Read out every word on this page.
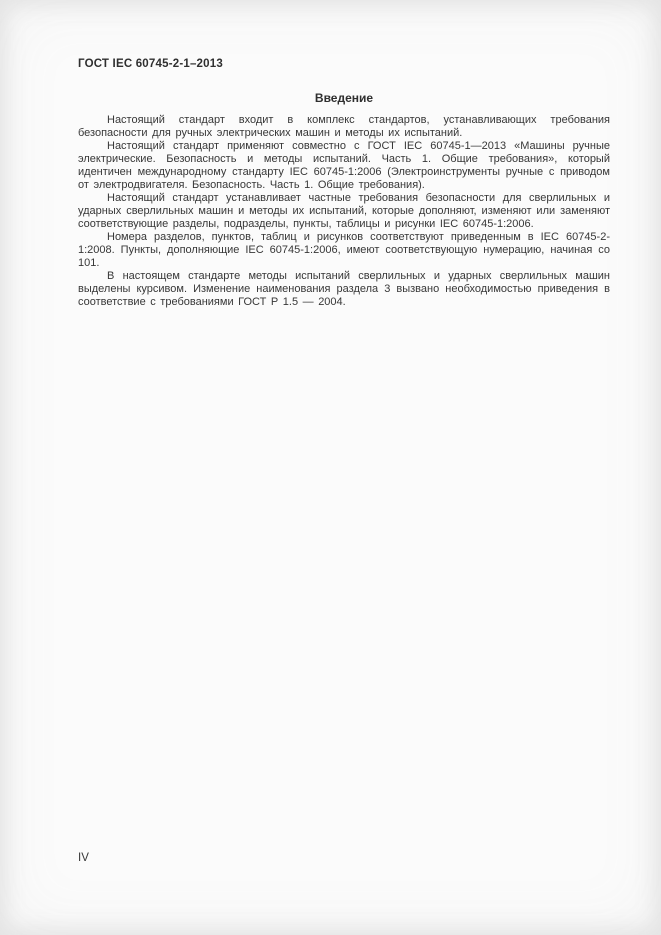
ГОСТ IEC 60745-2-1–2013
Введение

Настоящий стандарт входит в комплекс стандартов, устанавливающих требования безопасности для ручных электрических машин и методы их испытаний.

Настоящий стандарт применяют совместно с ГОСТ IEC 60745-1—2013 «Машины ручные электрические. Безопасность и методы испытаний. Часть 1. Общие требования», который идентичен международному стандарту IEC 60745-1:2006 (Электроинструменты ручные с приводом от электродвигателя. Безопасность. Часть 1. Общие требования).

Настоящий стандарт устанавливает частные требования безопасности для сверлильных и ударных сверлильных машин и методы их испытаний, которые дополняют, изменяют или заменяют соответствующие разделы, подразделы, пункты, таблицы и рисунки IEC 60745-1:2006.

Номера разделов, пунктов, таблиц и рисунков соответствуют приведенным в IEC 60745-2-1:2008. Пункты, дополняющие IEC 60745-1:2006, имеют соответствующую нумерацию, начиная со 101.

В настоящем стандарте методы испытаний сверлильных и ударных сверлильных машин выделены курсивом. Изменение наименования раздела 3 вызвано необходимостью приведения в соответствие с требованиями ГОСТ Р 1.5 — 2004.

IV
